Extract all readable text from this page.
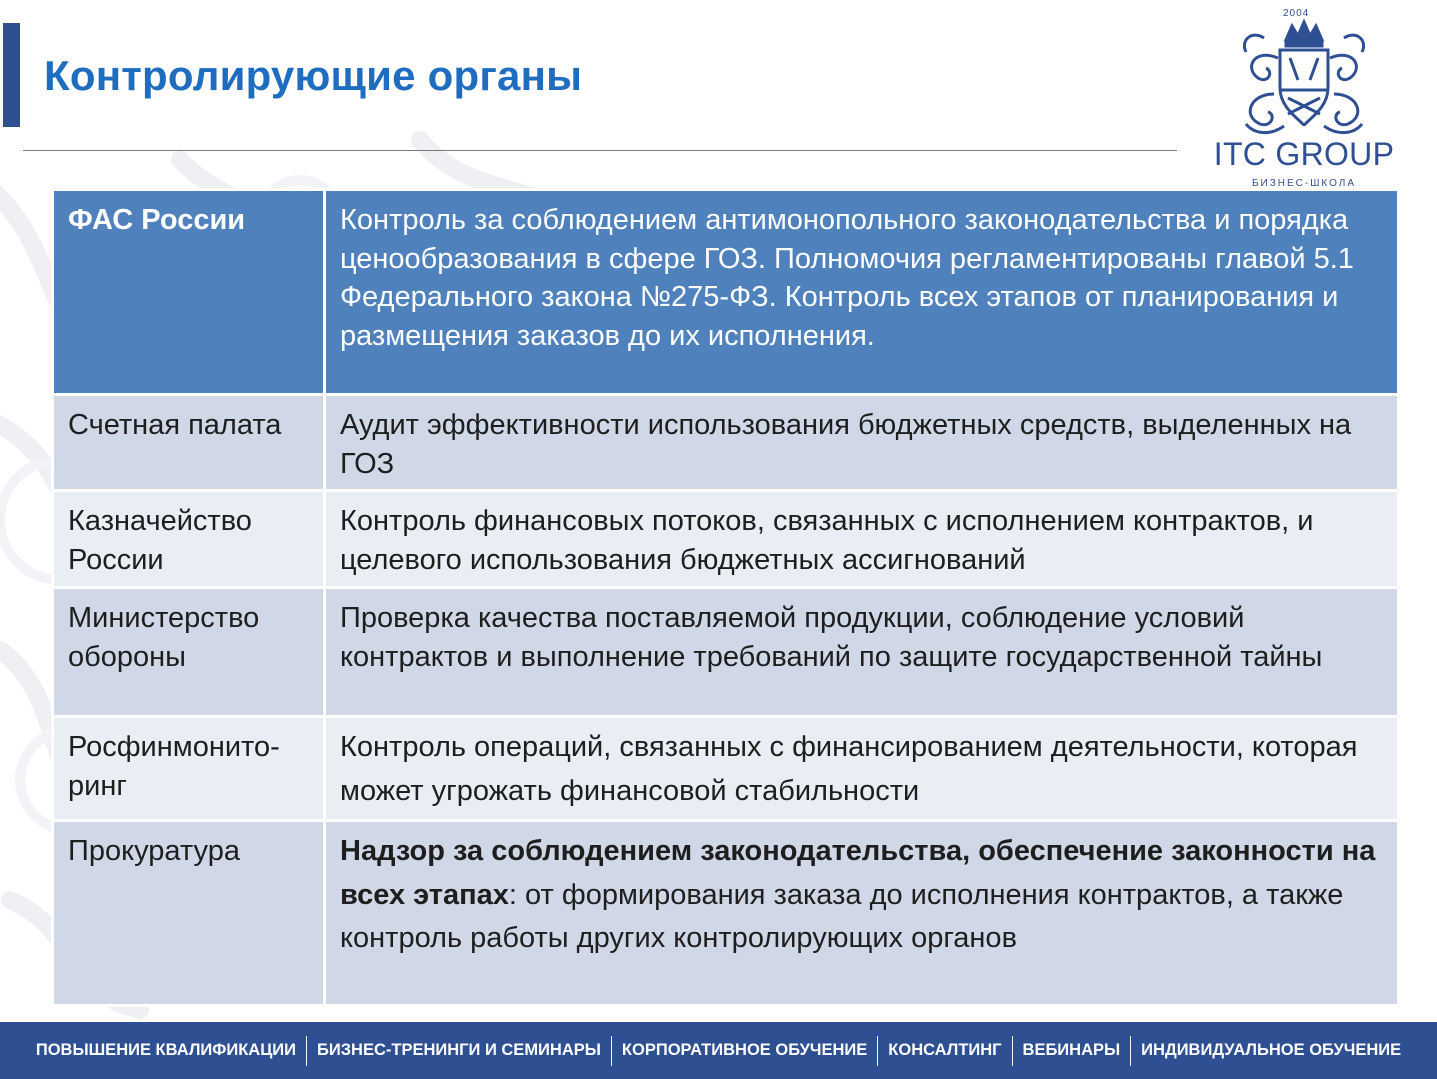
Контролирующие органы
2004
ITC GROUP
БИЗНЕС-ШКОЛА
ФАС России	Контроль за соблюдением антимонопольного законодательства и порядка ценообразования в сфере ГОЗ. Полномочия регламентированы главой 5.1 Федерального закона №275-ФЗ. Контроль всех этапов от планирования и размещения заказов до их исполнения.
Счетная палата	Аудит эффективности использования бюджетных средств, выделенных на ГОЗ
Казначейство России	Контроль финансовых потоков, связанных с исполнением контрактов, и целевого использования бюджетных ассигнований
Министерство обороны	Проверка качества поставляемой продукции, соблюдение условий контрактов и выполнение требований по защите государственной тайны
Росфинмонито-ринг	Контроль операций, связанных с финансированием деятельности, которая может угрожать финансовой стабильности
Прокуратура	Надзор за соблюдением законодательства, обеспечение законности на всех этапах: от формирования заказа до исполнения контрактов, а также контроль работы других контролирующих органов
ПОВЫШЕНИЕ КВАЛИФИКАЦИИ	БИЗНЕС-ТРЕНИНГИ И СЕМИНАРЫ	КОРПОРАТИВНОЕ ОБУЧЕНИЕ	КОНСАЛТИНГ	ВЕБИНАРЫ	ИНДИВИДУАЛЬНОЕ ОБУЧЕНИЕ
